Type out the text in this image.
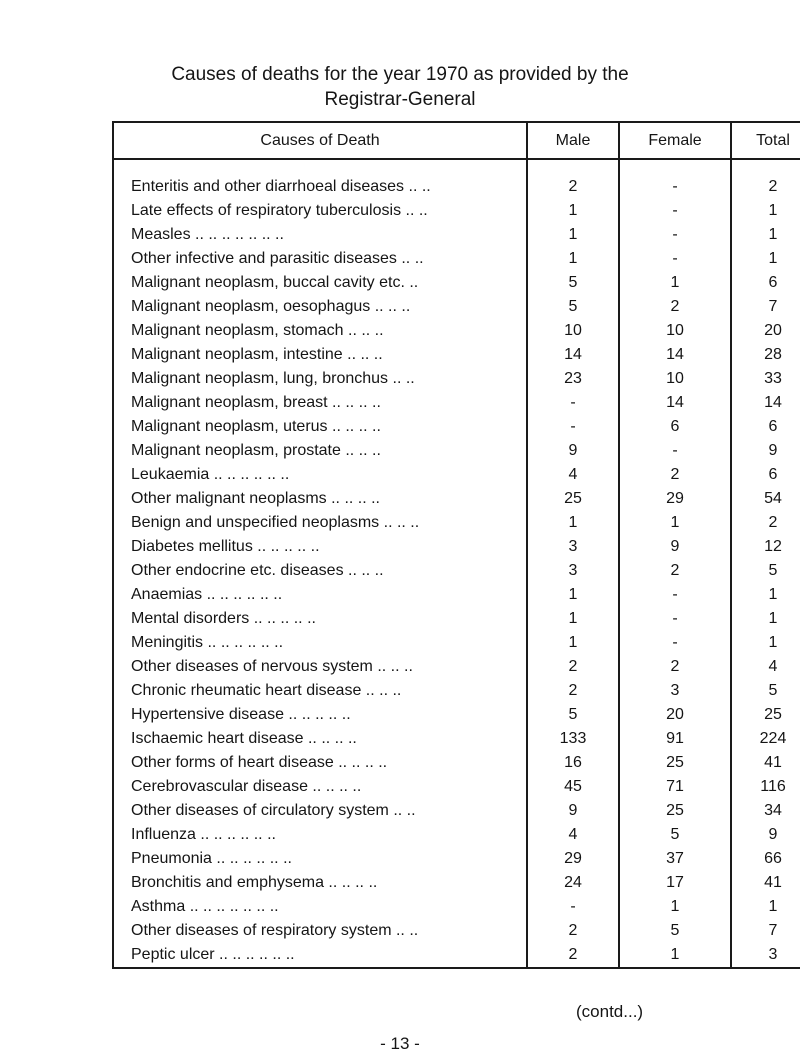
Causes of deaths for the year 1970 as provided by the
Registrar-General
Causes of Death	Male	Female	Total

Enteritis and other diarrhoeal diseases .. ..	2	-	2
Late effects of respiratory tuberculosis .. ..	1	-	1
Measles .. .. .. .. .. .. ..	1	-	1
Other infective and parasitic diseases .. ..	1	-	1
Malignant neoplasm, buccal cavity etc. ..	5	1	6
Malignant neoplasm, oesophagus .. .. ..	5	2	7
Malignant neoplasm, stomach .. .. ..	10	10	20
Malignant neoplasm, intestine .. .. ..	14	14	28
Malignant neoplasm, lung, bronchus .. ..	23	10	33
Malignant neoplasm, breast .. .. .. ..	-	14	14
Malignant neoplasm, uterus .. .. .. ..	-	6	6
Malignant neoplasm, prostate .. .. ..	9	-	9
Leukaemia .. .. .. .. .. ..	4	2	6
Other malignant neoplasms .. .. .. ..	25	29	54
Benign and unspecified neoplasms .. .. ..	1	1	2
Diabetes mellitus .. .. .. .. ..	3	9	12
Other endocrine etc. diseases .. .. ..	3	2	5
Anaemias .. .. .. .. .. ..	1	-	1
Mental disorders .. .. .. .. ..	1	-	1
Meningitis .. .. .. .. .. ..	1	-	1
Other diseases of nervous system .. .. ..	2	2	4
Chronic rheumatic heart disease .. .. ..	2	3	5
Hypertensive disease .. .. .. .. ..	5	20	25
Ischaemic heart disease .. .. .. ..	133	91	224
Other forms of heart disease .. .. .. ..	16	25	41
Cerebrovascular disease .. .. .. ..	45	71	116
Other diseases of circulatory system .. ..	9	25	34
Influenza .. .. .. .. .. ..	4	5	9
Pneumonia .. .. .. .. .. ..	29	37	66
Bronchitis and emphysema .. .. .. ..	24	17	41
Asthma .. .. .. .. .. .. ..	-	1	1
Other diseases of respiratory system .. ..	2	5	7
Peptic ulcer .. .. .. .. .. ..	2	1	3
(contd...)
- 13 -
